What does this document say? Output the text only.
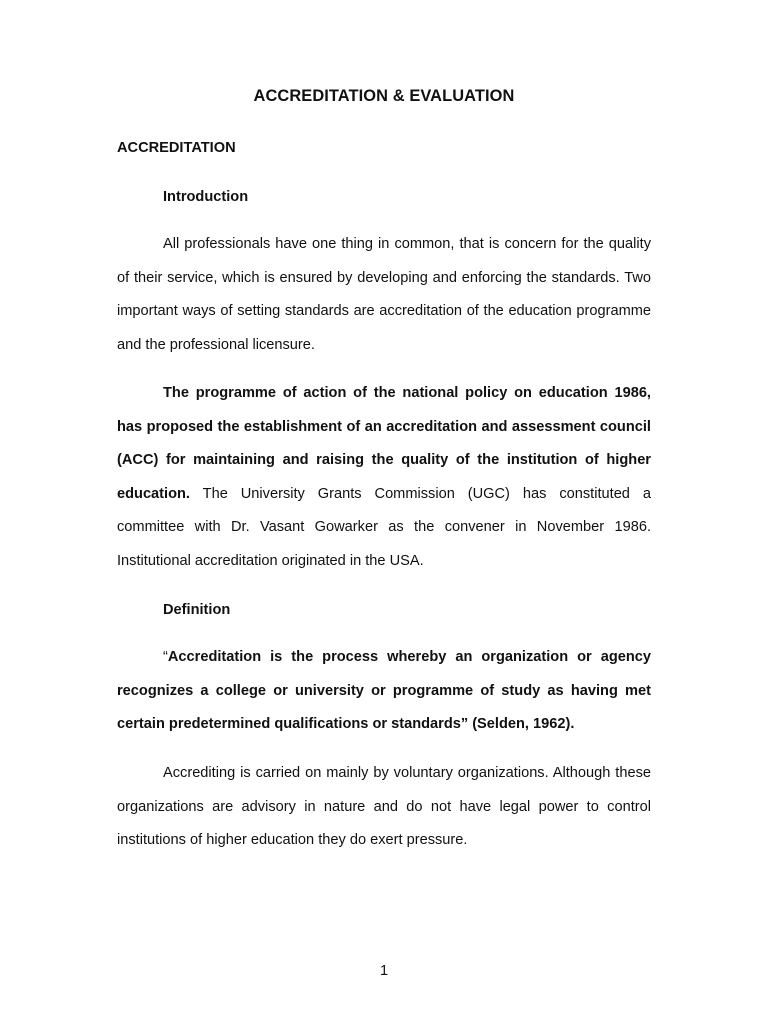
ACCREDITATION & EVALUATION
ACCREDITATION
Introduction

All professionals have one thing in common, that is concern for the quality of their service, which is ensured by developing and enforcing the standards. Two important ways of setting standards are accreditation of the education programme and the professional licensure.

The programme of action of the national policy on education 1986, has proposed the establishment of an accreditation and assessment council (ACC) for maintaining and raising the quality of the institution of higher education. The University Grants Commission (UGC) has constituted a committee with Dr. Vasant Gowarker as the convener in November 1986. Institutional accreditation originated in the USA.

Definition

“Accreditation is the process whereby an organization or agency recognizes a college or university or programme of study as having met certain predetermined qualifications or standards” (Selden, 1962).

Accrediting is carried on mainly by voluntary organizations. Although these organizations are advisory in nature and do not have legal power to control institutions of higher education they do exert pressure.

1
